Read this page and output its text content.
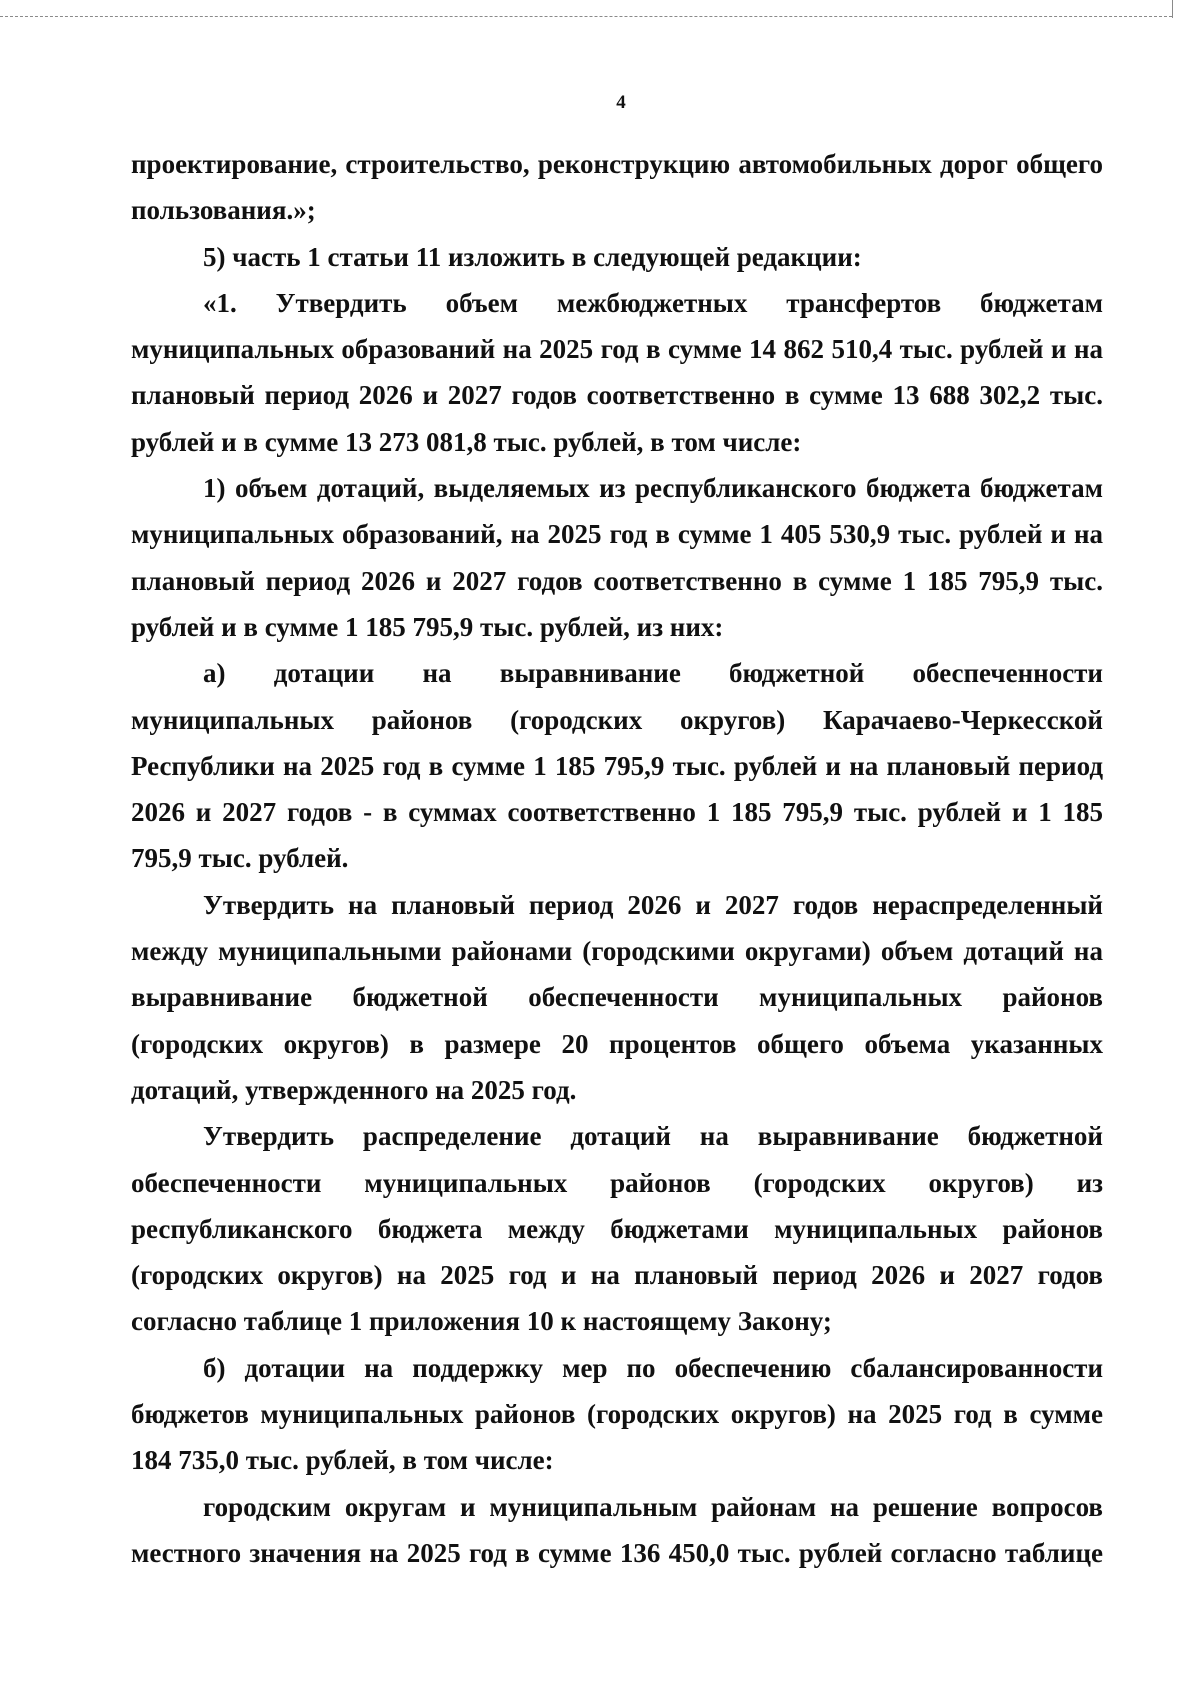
4

проектирование, строительство, реконструкцию автомобильных дорог общего пользования.»;

5) часть 1 статьи 11 изложить в следующей редакции:

«1. Утвердить объем межбюджетных трансфертов бюджетам муниципальных образований на 2025 год в сумме 14 862 510,4 тыс. рублей и на плановый период 2026 и 2027 годов соответственно в сумме 13 688 302,2 тыс. рублей и в сумме 13 273 081,8 тыс. рублей, в том числе:

1) объем дотаций, выделяемых из республиканского бюджета бюджетам муниципальных образований, на 2025 год в сумме 1 405 530,9 тыс. рублей и на плановый период 2026 и 2027 годов соответственно в сумме 1 185 795,9 тыс. рублей и в сумме 1 185 795,9 тыс. рублей, из них:

а) дотации на выравнивание бюджетной обеспеченности муниципальных районов (городских округов) Карачаево-Черкесской Республики на 2025 год в сумме 1 185 795,9 тыс. рублей и на плановый период 2026 и 2027 годов - в суммах соответственно 1 185 795,9 тыс. рублей и 1 185 795,9 тыс. рублей.

Утвердить на плановый период 2026 и 2027 годов нераспределенный между муниципальными районами (городскими округами) объем дотаций на выравнивание бюджетной обеспеченности муниципальных районов (городских округов) в размере 20 процентов общего объема указанных дотаций, утвержденного на 2025 год.

Утвердить распределение дотаций на выравнивание бюджетной обеспеченности муниципальных районов (городских округов) из республиканского бюджета между бюджетами муниципальных районов (городских округов) на 2025 год и на плановый период 2026 и 2027 годов согласно таблице 1 приложения 10 к настоящему Закону;

б) дотации на поддержку мер по обеспечению сбалансированности бюджетов муниципальных районов (городских округов) на 2025 год в сумме 184 735,0 тыс. рублей, в том числе:

городским округам и муниципальным районам на решение вопросов местного значения на 2025 год в сумме 136 450,0 тыс. рублей согласно таблице
